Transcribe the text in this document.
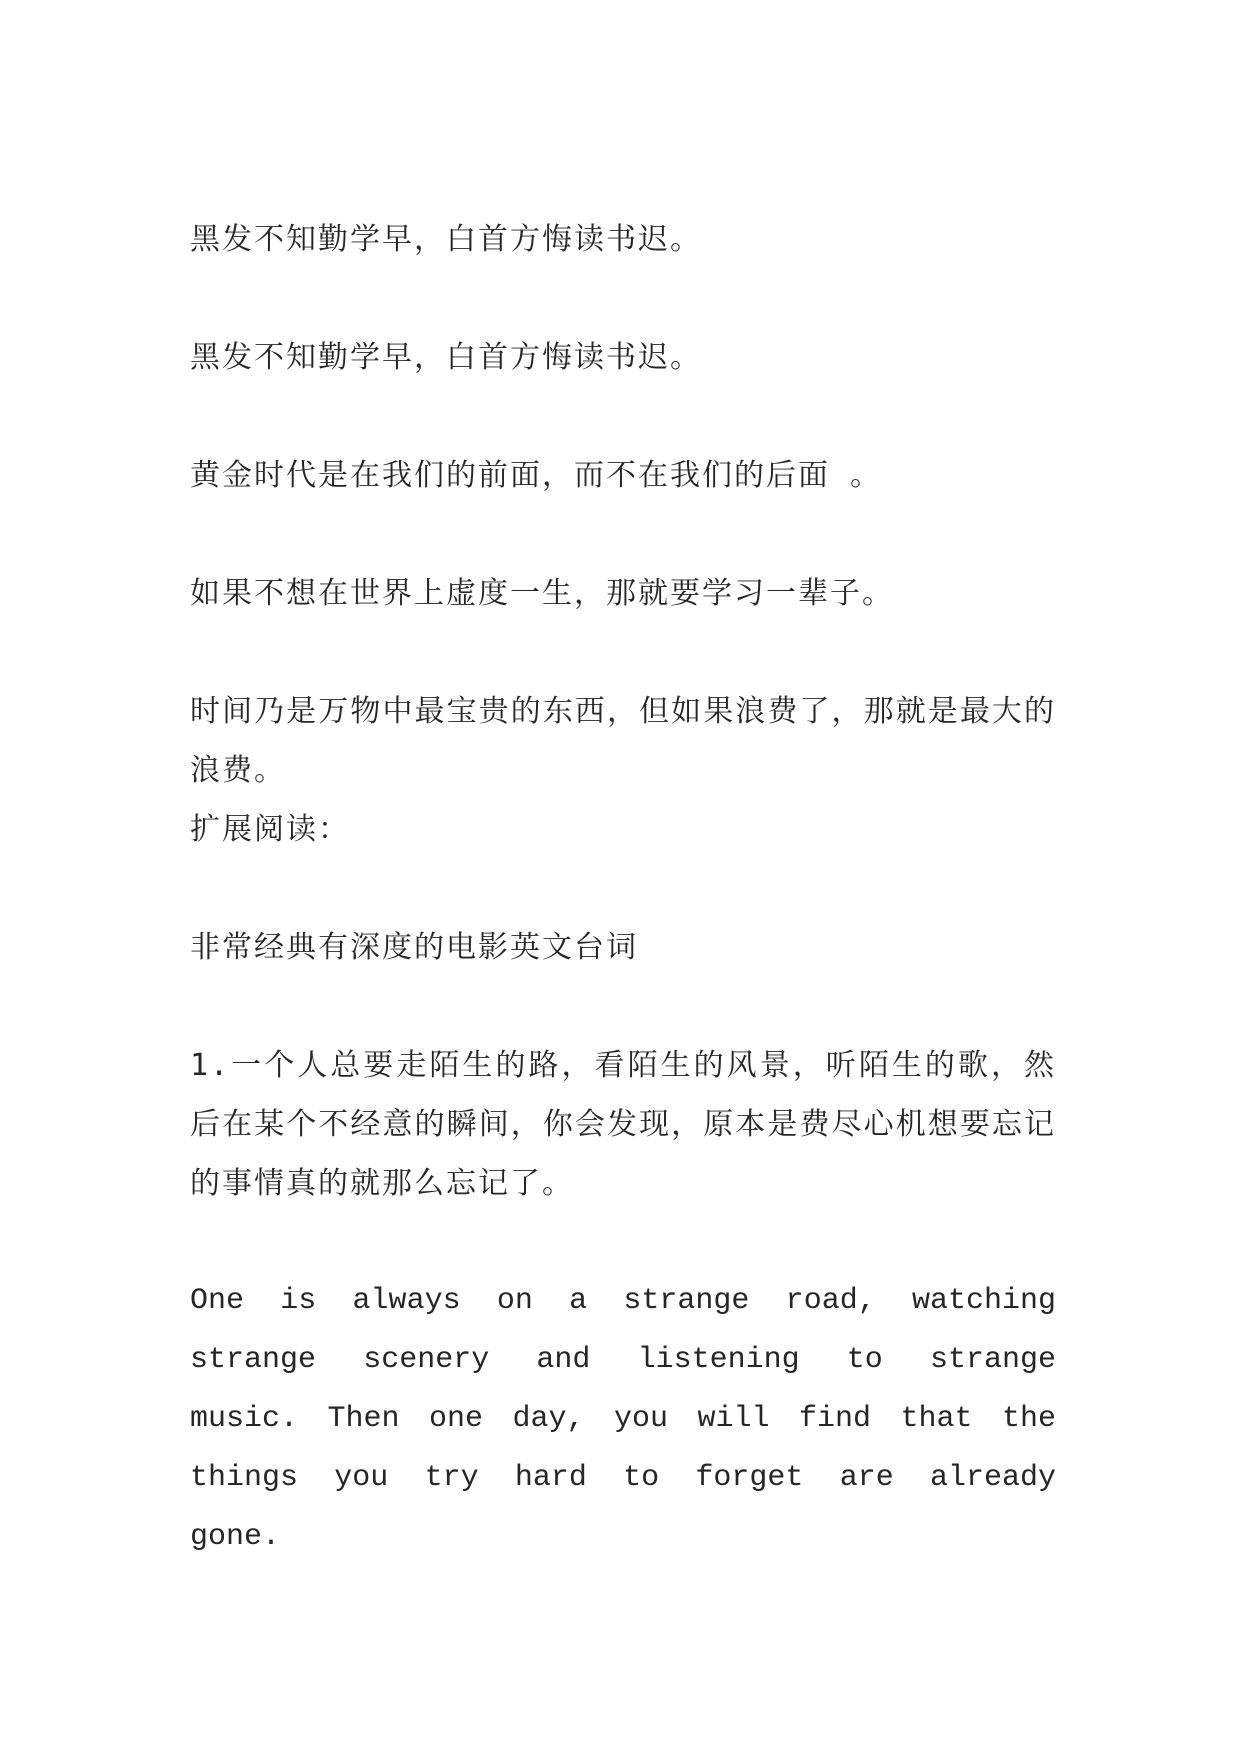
黑发不知勤学早，白首方悔读书迟。

黑发不知勤学早，白首方悔读书迟。

黄金时代是在我们的前面，而不在我们的后面 。

如果不想在世界上虚度一生，那就要学习一辈子。

时间乃是万物中最宝贵的东西，但如果浪费了，那就是最大的浪费。

扩展阅读：

非常经典有深度的电影英文台词

1.一个人总要走陌生的路，看陌生的风景，听陌生的歌，然后在某个不经意的瞬间，你会发现，原本是费尽心机想要忘记的事情真的就那么忘记了。

One is always on a strange road, watching strange scenery and listening to strange music. Then one day, you will find that the things you try hard to forget are already gone.
